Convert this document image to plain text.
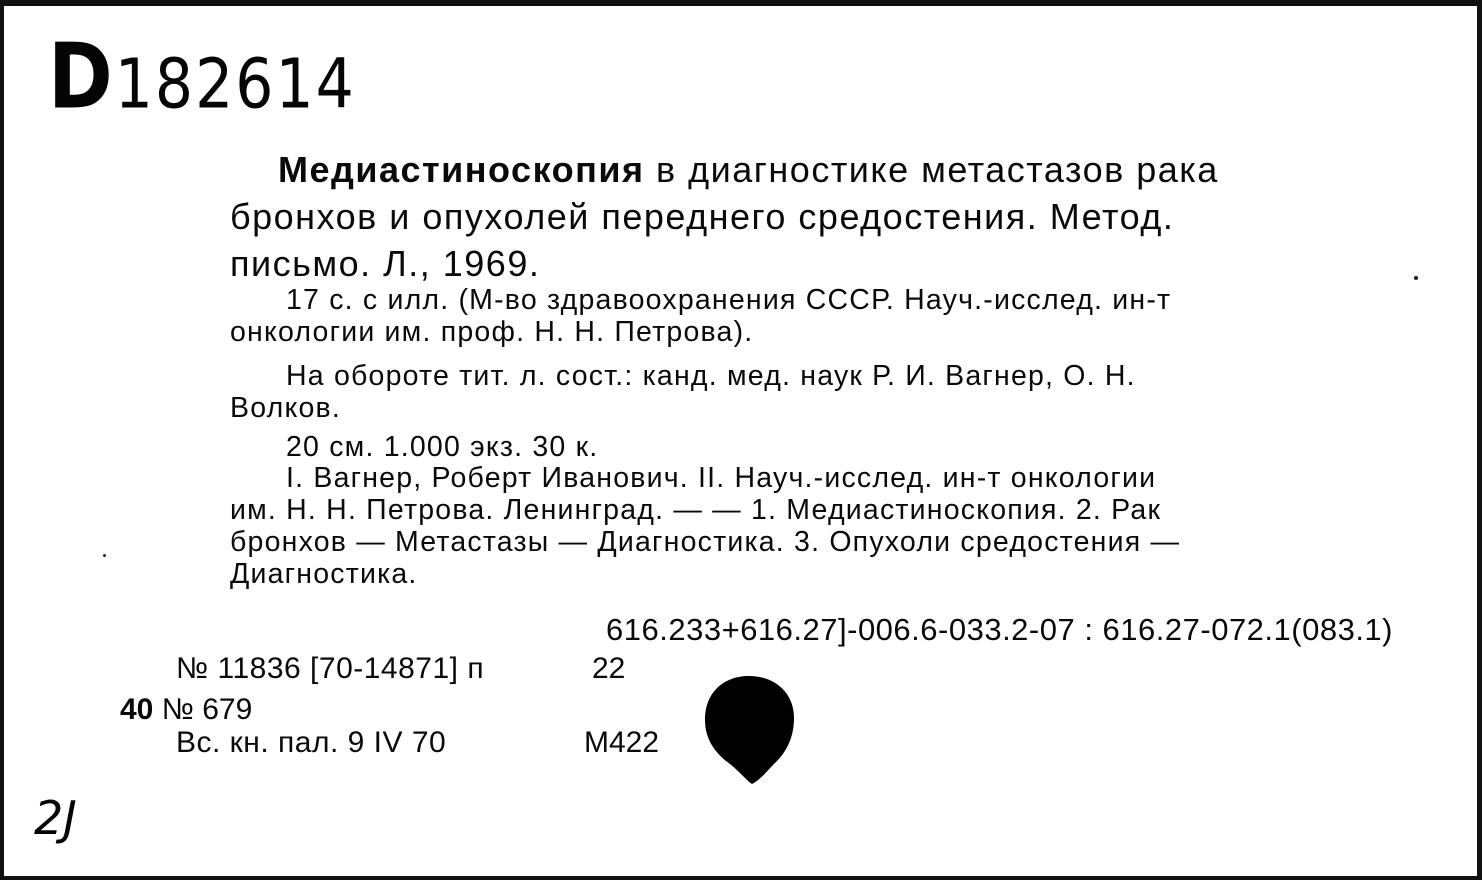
D182614
Медиастиноскопия в диагностике метастазов рака
бронхов и опухолей переднего средостения. Метод.
письмо. Л., 1969.
17 с. с илл. (М-во здравоохранения СССР. Науч.-исслед. ин-т
онкологии им. проф. Н. Н. Петрова).
На обороте тит. л. сост.: канд. мед. наук Р. И. Вагнер, О. Н.
Волков.
20 см. 1.000 экз. 30 к.
I. Вагнер, Роберт Иванович. II. Науч.-исслед. ин-т онкологии
им. Н. Н. Петрова. Ленинград. — — 1. Медиастиноскопия. 2. Рак
бронхов — Метастазы — Диагностика. 3. Опухоли средостения —
Диагностика.
616.233+616.27]-006.6-033.2-07 : 616.27-072.1(083.1)
№ 11836 [70-14871] п	22
40 № 679
Вс. кн. пал. 9 IV 70	М422
2J
